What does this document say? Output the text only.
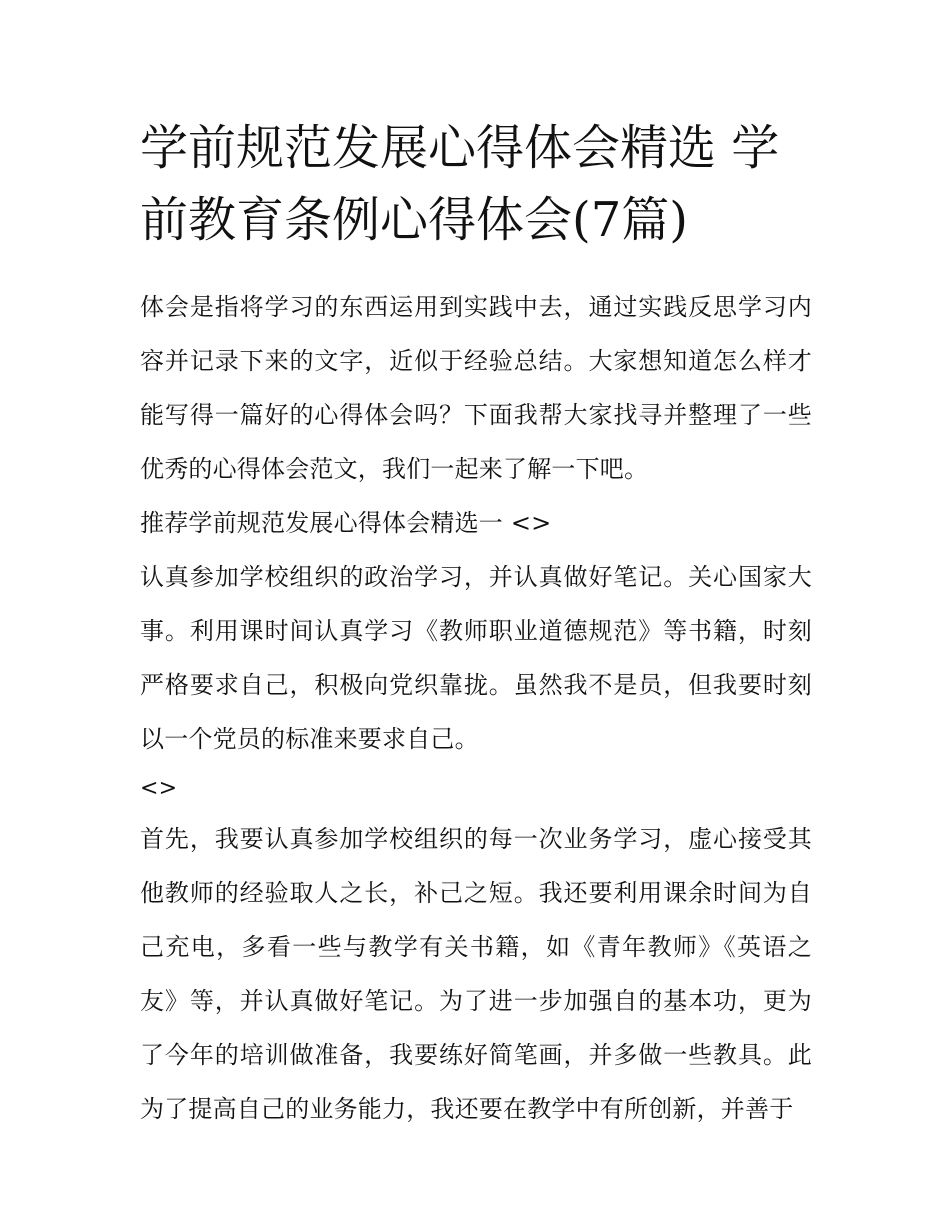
学前规范发展心得体会精选 学前教育条例心得体会(7篇)

体会是指将学习的东西运用到实践中去，通过实践反思学习内容并记录下来的文字，近似于经验总结。大家想知道怎么样才能写得一篇好的心得体会吗？下面我帮大家找寻并整理了一些优秀的心得体会范文，我们一起来了解一下吧。

推荐学前规范发展心得体会精选一 <>

认真参加学校组织的政治学习，并认真做好笔记。关心国家大事。利用课时间认真学习《教师职业道德规范》等书籍，时刻严格要求自己，积极向党织靠拢。虽然我不是员，但我要时刻以一个党员的标准来要求自己。

<>

首先，我要认真参加学校组织的每一次业务学习，虚心接受其他教师的经验取人之长，补己之短。我还要利用课余时间为自己充电，多看一些与教学有关书籍，如《青年教师》《英语之友》等，并认真做好笔记。为了进一步加强自的基本功，更为了今年的培训做准备，我要练好简笔画，并多做一些教具。此为了提高自己的业务能力，我还要在教学中有所创新，并善于
